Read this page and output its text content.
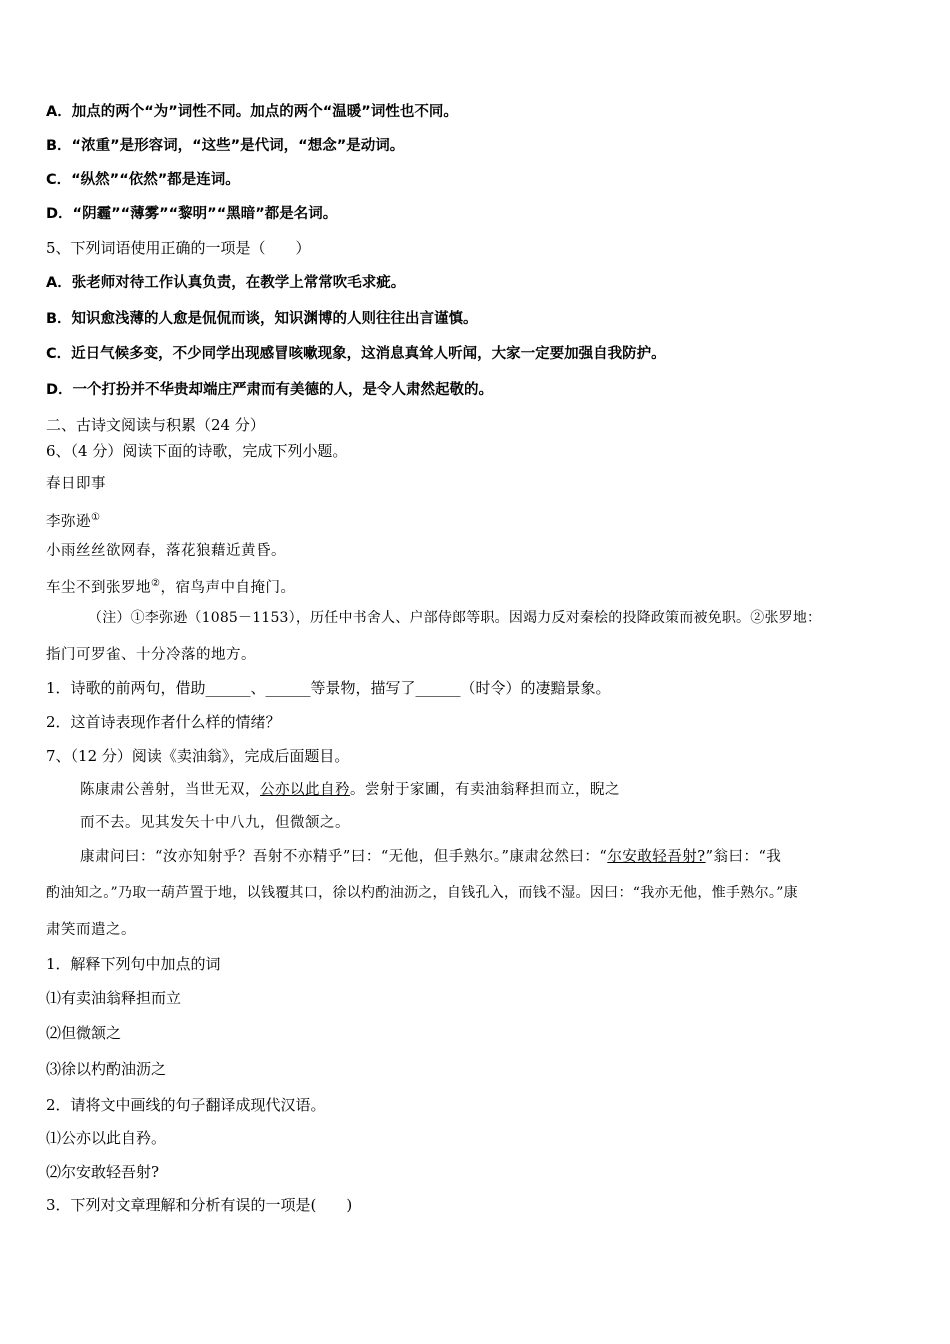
A．加点的两个“为”词性不同。加点的两个“温暖”词性也不同。
B．“浓重”是形容词，“这些”是代词，“想念”是动词。
C．“纵然”“依然”都是连词。
D．“阴霾”“薄雾”“黎明”“黑暗”都是名词。
5、下列词语使用正确的一项是（　　）
A．张老师对待工作认真负责，在教学上常常吹毛求疵。
B．知识愈浅薄的人愈是侃侃而谈，知识渊博的人则往往出言谨慎。
C．近日气候多变，不少同学出现感冒咳嗽现象，这消息真耸人听闻，大家一定要加强自我防护。
D．一个打扮并不华贵却端庄严肃而有美德的人，是令人肃然起敬的。
二、古诗文阅读与积累（24 分）
6、（4 分）阅读下面的诗歌，完成下列小题。
春日即事
李弥逊①
小雨丝丝欲网春，落花狼藉近黄昏。
车尘不到张罗地②，宿鸟声中自掩门。
（注）①李弥逊（1085－1153），历任中书舍人、户部侍郎等职。因竭力反对秦桧的投降政策而被免职。②张罗地：
指门可罗雀、十分冷落的地方。
1．诗歌的前两句，借助______、______等景物，描写了______（时令）的凄黯景象。
2．这首诗表现作者什么样的情绪？
7、（12 分）阅读《卖油翁》，完成后面题目。
陈康肃公善射，当世无双，公亦以此自矜。尝射于家圃，有卖油翁释担而立，睨之
而不去。见其发矢十中八九，但微颔之。
康肃问曰：“汝亦知射乎？吾射不亦精乎”曰：“无他，但手熟尔。”康肃忿然曰：“尔安敢轻吾射?”翁曰：“我
酌油知之。”乃取一葫芦置于地，以钱覆其口，徐以杓酌油沥之，自钱孔入，而钱不湿。因曰：“我亦无他，惟手熟尔。”康
肃笑而遣之。
1．解释下列句中加点的词
⑴有卖油翁释担而立
⑵但微颔之
⑶徐以杓酌油沥之
2．请将文中画线的句子翻译成现代汉语。
⑴公亦以此自矜。
⑵尔安敢轻吾射?
3．下列对文章理解和分析有误的一项是(　　)
